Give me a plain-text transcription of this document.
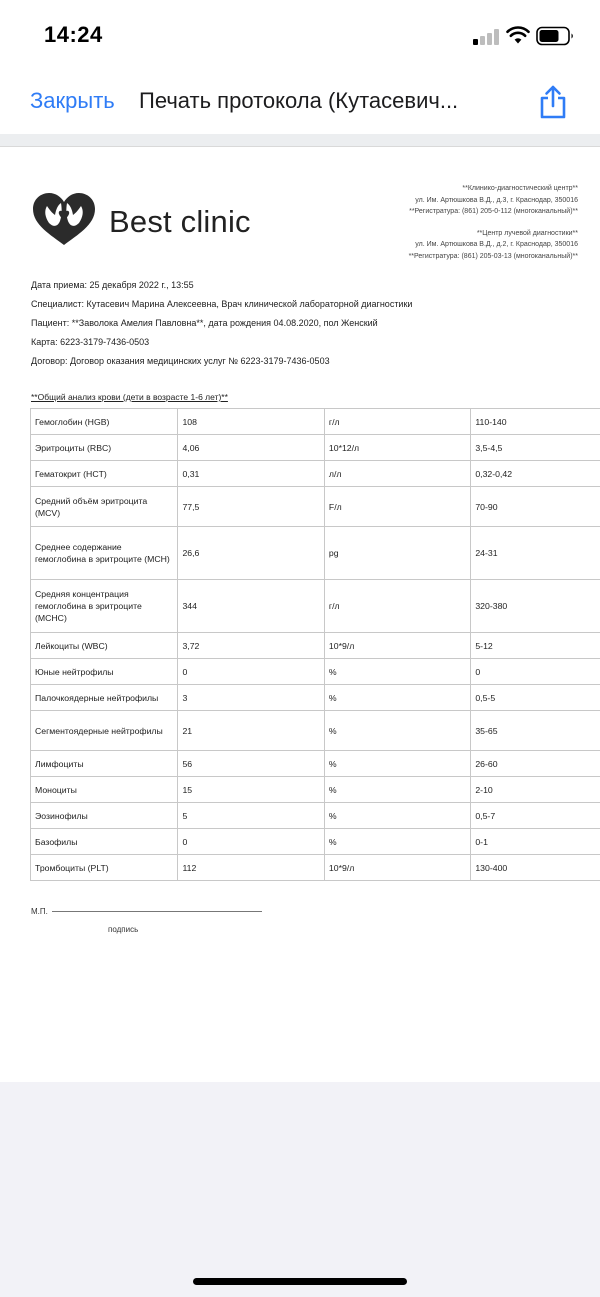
14:24
Закрыть Печать протокола (Кутасевич...
Best clinic
**Клинико-диагностический центр**
ул. Им. Артюшкова В.Д., д.3, г. Краснодар, 350016
**Регистратура: (861) 205-0-112 (многоканальный)**
**Центр лучевой диагностики**
ул. Им. Артюшкова В.Д., д.2, г. Краснодар, 350016
**Регистратура: (861) 205-03-13 (многоканальный)**
Дата приема: 25 декабря 2022 г., 13:55
Специалист: Кутасевич Марина Алексеевна, Врач клинической лабораторной диагностики
Пациент: **Заволока Амелия Павловна**, дата рождения 04.08.2020, пол Женский
Карта: 6223-3179-7436-0503
Договор: Договор оказания медицинских услуг № 6223-3179-7436-0503
**Общий анализ крови (дети в возрасте 1-6 лет)**
Гемоглобин (HGB)	108	г/л	110-140
Эритроциты (RBC)	4,06	10*12/л	3,5-4,5
Гематокрит (HCT)	0,31	л/л	0,32-0,42
Средний объём эритроцита (MCV)	77,5	F/л	70-90
Среднее содержание гемоглобина в эритроците (MCH)	26,6	pg	24-31
Средняя концентрация гемоглобина в эритроците (MCHC)	344	г/л	320-380
Лейкоциты (WBC)	3,72	10*9/л	5-12
Юные нейтрофилы	0	%	0
Палочкоядерные нейтрофилы	3	%	0,5-5
Сегментоядерные нейтрофилы	21	%	35-65
Лимфоциты	56	%	26-60
Моноциты	15	%	2-10
Эозинофилы	5	%	0,5-7
Базофилы	0	%	0-1
Тромбоциты (PLT)	112	10*9/л	130-400
М.П.
подпись
